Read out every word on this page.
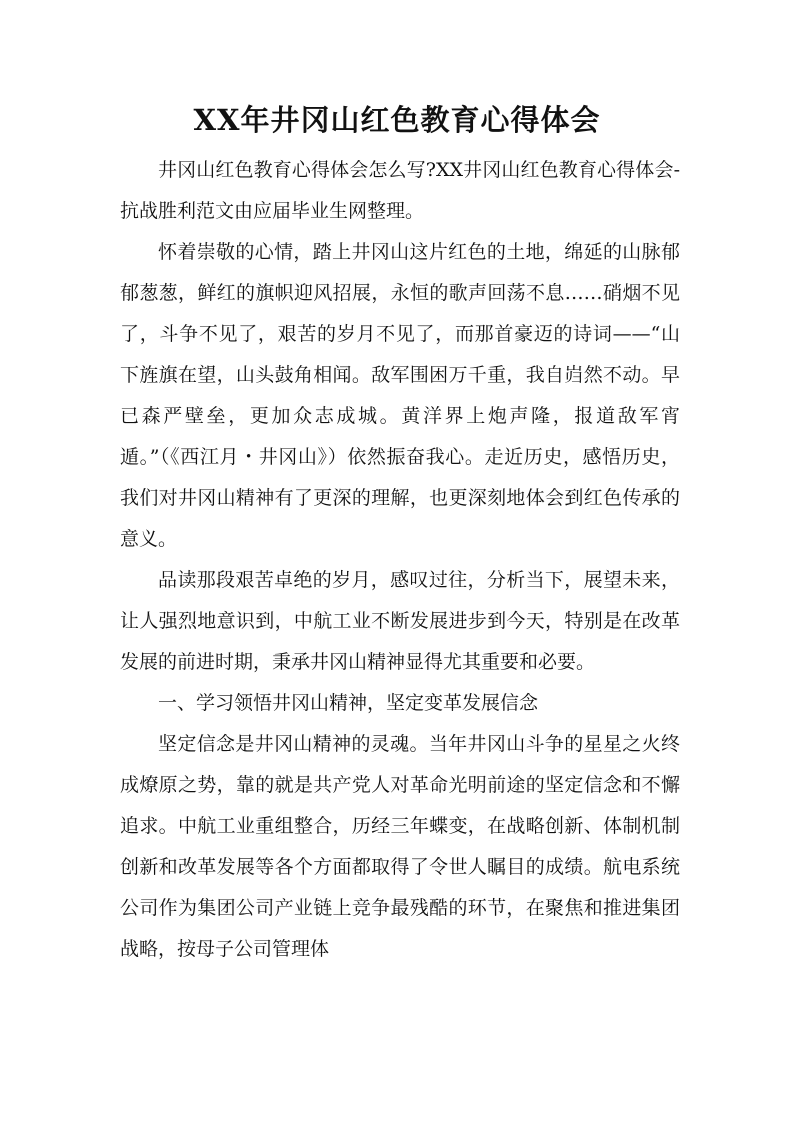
XX年井冈山红色教育心得体会

井冈山红色教育心得体会怎么写?XX井冈山红色教育心得体会-抗战胜利范文由应届毕业生网整理。

怀着崇敬的心情，踏上井冈山这片红色的土地，绵延的山脉郁郁葱葱，鲜红的旗帜迎风招展，永恒的歌声回荡不息……硝烟不见了，斗争不见了，艰苦的岁月不见了，而那首豪迈的诗词——“山下旌旗在望，山头鼓角相闻。敌军围困万千重，我自岿然不动。早已森严壁垒，更加众志成城。黄洋界上炮声隆，报道敌军宵遁。”（《西江月・井冈山》）依然振奋我心。走近历史，感悟历史，我们对井冈山精神有了更深的理解，也更深刻地体会到红色传承的意义。

品读那段艰苦卓绝的岁月，感叹过往，分析当下，展望未来，让人强烈地意识到，中航工业不断发展进步到今天，特别是在改革发展的前进时期，秉承井冈山精神显得尤其重要和必要。

一、学习领悟井冈山精神，坚定变革发展信念

坚定信念是井冈山精神的灵魂。当年井冈山斗争的星星之火终成燎原之势，靠的就是共产党人对革命光明前途的坚定信念和不懈追求。中航工业重组整合，历经三年蝶变，在战略创新、体制机制创新和改革发展等各个方面都取得了令世人瞩目的成绩。航电系统公司作为集团公司产业链上竞争最残酷的环节，在聚焦和推进集团战略，按母子公司管理体
